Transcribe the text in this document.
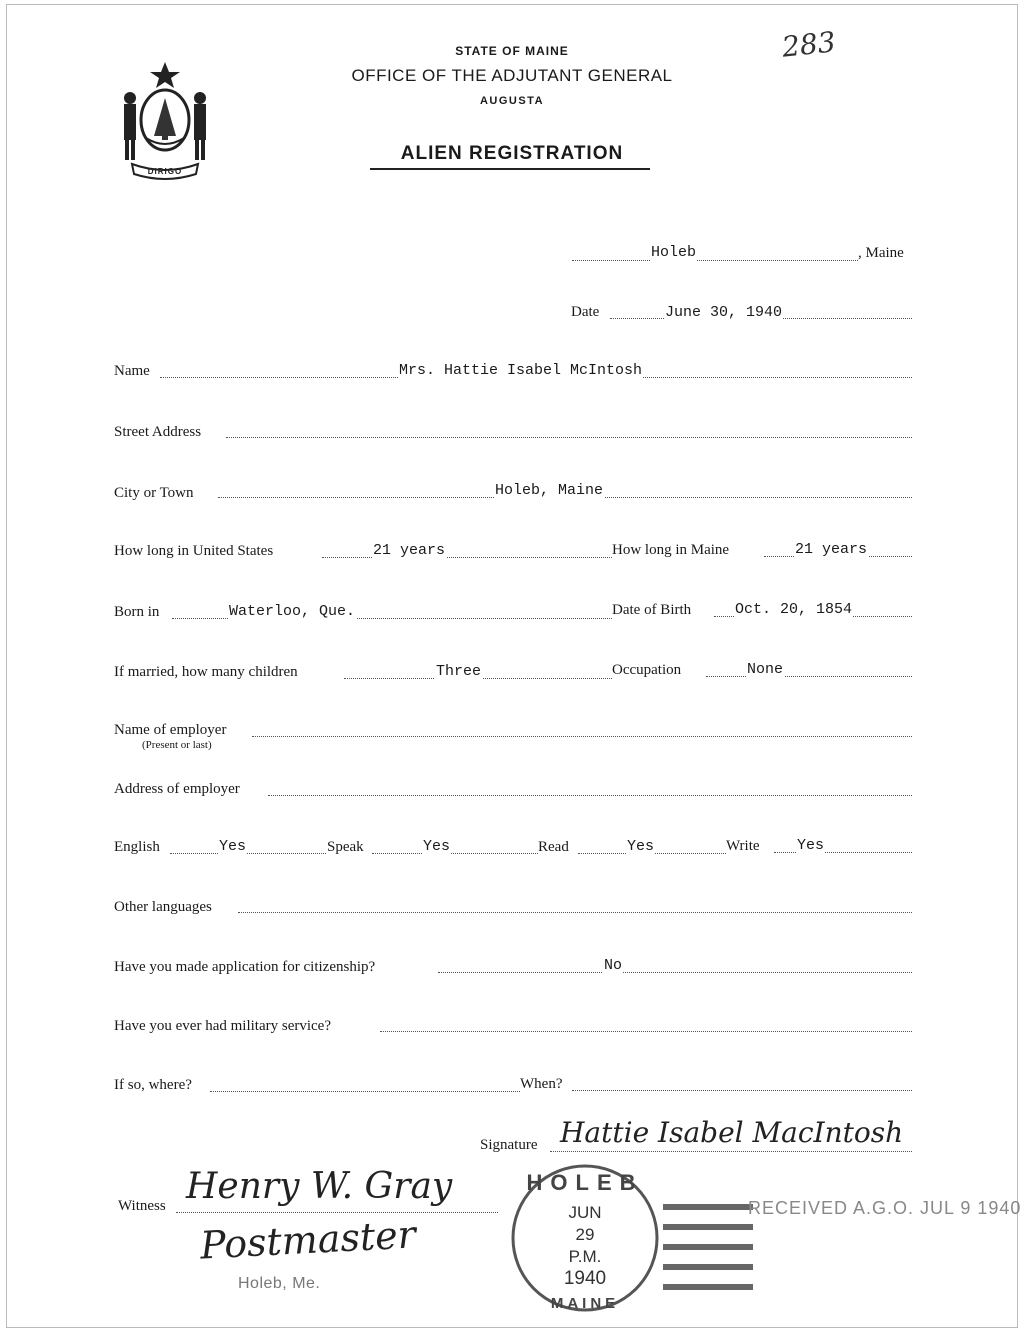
DIRIGO
283
STATE OF MAINE
OFFICE OF THE ADJUTANT GENERAL
AUGUSTA
ALIEN REGISTRATION
Holeb	, Maine
Date	June 30, 1940
Name	Mrs. Hattie Isabel McIntosh
Street Address
City or Town	Holeb, Maine
How long in United States	21 years	How long in Maine	21 years
Born in	Waterloo, Que.	Date of Birth	Oct. 20, 1854
If married, how many children	Three	Occupation	None
Name of employer
(Present or last)
Address of employer
English	Yes	Speak	Yes	Read	Yes	Write Yes
Other languages
Have you made application for citizenship?	No
Have you ever had military service?
If so, where?	When?
Signature Hattie Isabel MacIntosh
Witness Henry W. Gray
Postmaster
Holeb, Me.
HOLEB
JUN
29
P.M.
1940
MAINE
RECEIVED A.G.O. JUL 9 1940
